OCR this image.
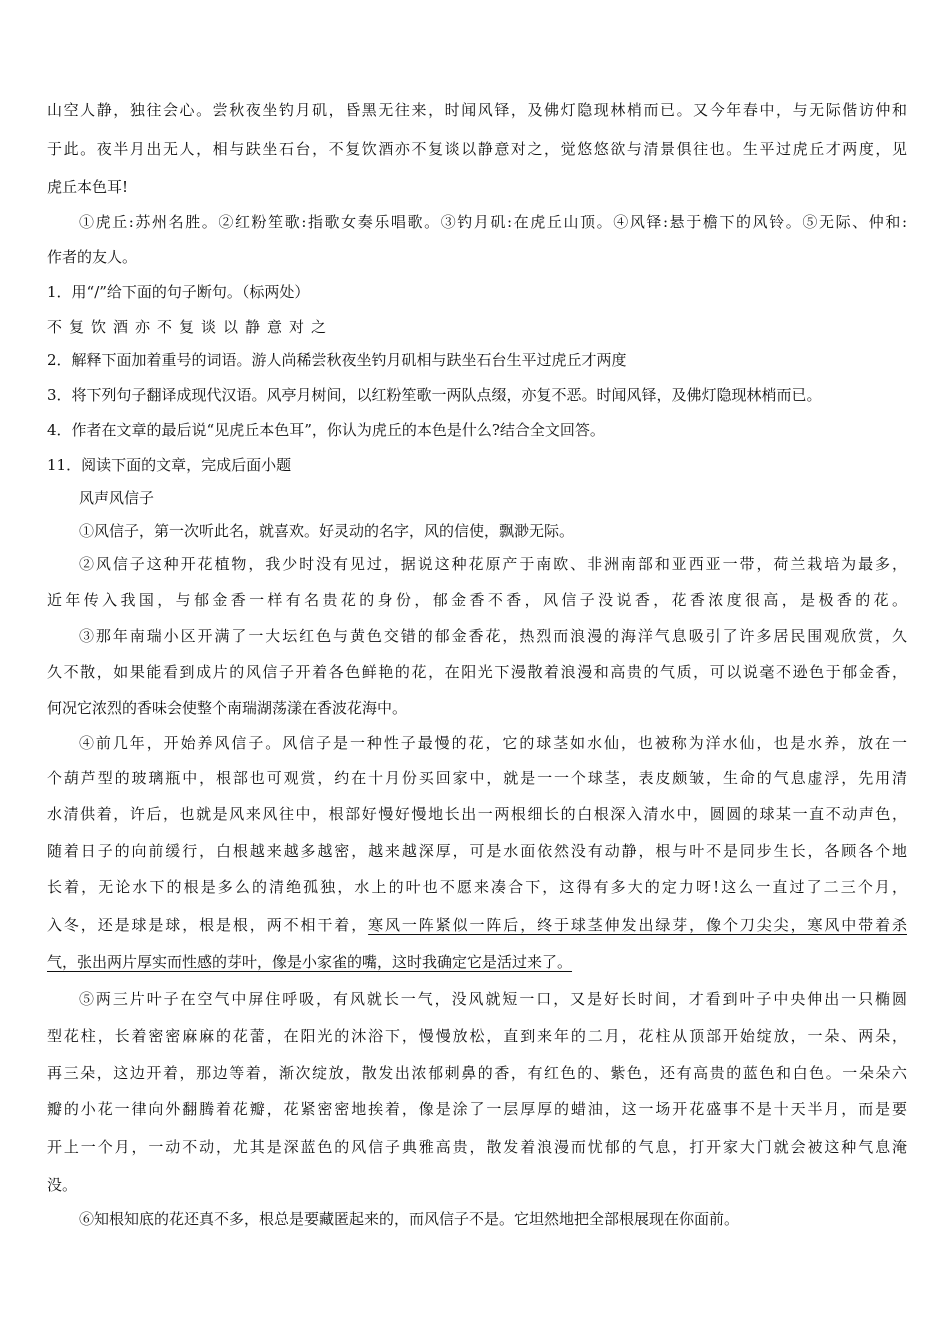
山空人静，独往会心。尝秋夜坐钓月矶，昏黑无往来，时闻风铎，及佛灯隐现林梢而已。又今年春中，与无际偕访仲和
于此。夜半月出无人，相与趺坐石台，不复饮酒亦不复谈以静意对之，觉悠悠欲与清景俱往也。生平过虎丘才两度，见
虎丘本色耳!
①虎丘:苏州名胜。②红粉笙歌:指歌女奏乐唱歌。③钓月矶:在虎丘山顶。④风铎:悬于檐下的风铃。⑤无际、仲和:
作者的友人。
1．用“/”给下面的句子断句。（标两处）
不复饮酒亦不复谈以静意对之
2．解释下面加着重号的词语。游人尚稀尝秋夜坐钓月矶相与趺坐石台生平过虎丘才两度
3．将下列句子翻译成现代汉语。风亭月树间，以红粉笙歌一两队点缀，亦复不恶。时闻风铎，及佛灯隐现林梢而已。
4．作者在文章的最后说“见虎丘本色耳”，你认为虎丘的本色是什么?结合全文回答。
11．阅读下面的文章，完成后面小题
风声风信子
①风信子，第一次听此名，就喜欢。好灵动的名字，风的信使，飘渺无际。
②风信子这种开花植物，我少时没有见过，据说这种花原产于南欧、非洲南部和亚西亚一带，荷兰栽培为最多，
近年传入我国，与郁金香一样有名贵花的身份，郁金香不香，风信子没说香，花香浓度很高，是极香的花。
③那年南瑞小区开满了一大坛红色与黄色交错的郁金香花，热烈而浪漫的海洋气息吸引了许多居民围观欣赏，久
久不散，如果能看到成片的风信子开着各色鲜艳的花，在阳光下漫散着浪漫和高贵的气质，可以说毫不逊色于郁金香，
何况它浓烈的香味会使整个南瑞湖荡漾在香波花海中。
④前几年，开始养风信子。风信子是一种性子最慢的花，它的球茎如水仙，也被称为洋水仙，也是水养，放在一
个葫芦型的玻璃瓶中，根部也可观赏，约在十月份买回家中，就是一一个球茎，表皮颇皱，生命的气息虚浮，先用清
水清供着，许后，也就是风来风往中，根部好慢好慢地长出一两根细长的白根深入清水中，圆圆的球某一直不动声色，
随着日子的向前缓行，白根越来越多越密，越来越深厚，可是水面依然没有动静，根与叶不是同步生长，各顾各个地
长着，无论水下的根是多么的清绝孤独，水上的叶也不愿来凑合下，这得有多大的定力呀!这么一直过了二三个月，
入冬，还是球是球，根是根，两不相干着，寒风一阵紧似一阵后，终于球茎伸发出绿芽，像个刀尖尖，寒风中带着杀
气，张出两片厚实而性感的芽叶，像是小家雀的嘴，这时我确定它是活过来了。
⑤两三片叶子在空气中屏住呼吸，有风就长一气，没风就短一口，又是好长时间，才看到叶子中央伸出一只椭圆
型花柱，长着密密麻麻的花蕾，在阳光的沐浴下，慢慢放松，直到来年的二月，花柱从顶部开始绽放，一朵、两朵，
再三朵，这边开着，那边等着，渐次绽放，散发出浓郁刺鼻的香，有红色的、紫色，还有高贵的蓝色和白色。一朵朵六
瓣的小花一律向外翻腾着花瓣，花紧密密地挨着，像是涂了一层厚厚的蜡油，这一场开花盛事不是十天半月，而是要
开上一个月，一动不动，尤其是深蓝色的风信子典雅高贵，散发着浪漫而忧郁的气息，打开家大门就会被这种气息淹
没。
⑥知根知底的花还真不多，根总是要藏匿起来的，而风信子不是。它坦然地把全部根展现在你面前。
